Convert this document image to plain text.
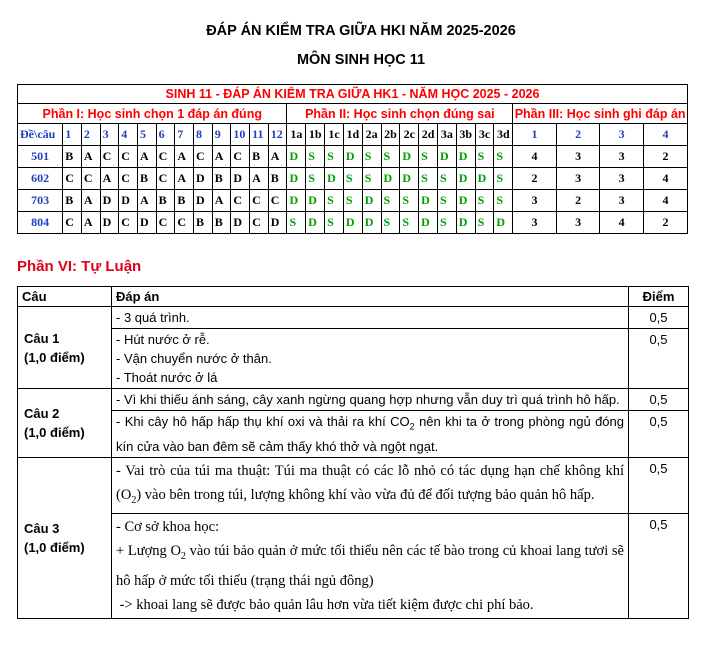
ĐÁP ÁN KIỂM TRA GIỮA HKI NĂM 2025-2026
MÔN SINH HỌC 11
SINH 11 - ĐÁP ÁN KIỂM TRA GIỮA HK1 - NĂM HỌC 2025 - 2026																												
Phần I: Học sinh chọn 1 đáp án đúng													Phần II: Học sinh chọn đúng sai												Phần III: Học sinh ghi đáp án			
Đề\câu	1	2	3	4	5	6	7	8	9	10	11	12	1a	1b	1c	1d	2a	2b	2c	2d	3a	3b	3c	3d	1	2	3	4
501	B	A	C	C	A	C	A	C	A	C	B	A	D	S	S	D	S	S	D	S	D	D	S	S	4	3	3	2
602	C	C	A	C	B	C	A	D	B	D	A	B	D	S	D	S	S	D	D	S	S	D	D	S	2	3	3	4
703	B	A	D	D	A	B	B	D	A	C	C	C	D	D	S	S	D	S	S	D	S	D	S	S	3	2	3	4
804	C	A	D	C	D	C	C	B	B	D	C	D	S	D	S	D	D	S	S	D	S	D	S	D	3	3	4	2
Phần VI: Tự Luận
Câu	Đáp án	Điểm

Câu 1
(1,0 điểm)	- 3 quá trình.	0,5

	- Hút nước ở rễ.
- Vận chuyển nước ở thân.
- Thoát nước ở lá	0,5

Câu 2
(1,0 điểm)	- Vì khi thiếu ánh sáng, cây xanh ngừng quang hợp nhưng vẫn duy trì quá trình hô hấp.	0,5
	- Khi cây hô hấp hấp thụ khí oxi và thải ra khí $CO_2$ nên khi ta ở trong phòng ngủ đóng kín cửa vào ban đêm sẽ cảm thấy khó thở và ngột ngạt.	0,5

Câu 3
(1,0 điểm)	- Vai trò của túi ma thuật: Túi ma thuật có các lỗ nhỏ có tác dụng hạn chế không khí $(O_2)$ vào bên trong túi, lượng không khí vào vừa đủ để đối tượng bảo quản hô hấp.	0,5

	- Cơ sở khoa học:
+ Lượng $O_2$ vào túi bảo quản ở mức tối thiểu nên các tế bào trong củ khoai lang tươi sẽ hô hấp ở mức tối thiểu (trạng thái ngủ đông)
-> khoai lang sẽ được bảo quản lâu hơn vừa tiết kiệm được chi phí bảo.	0,5
